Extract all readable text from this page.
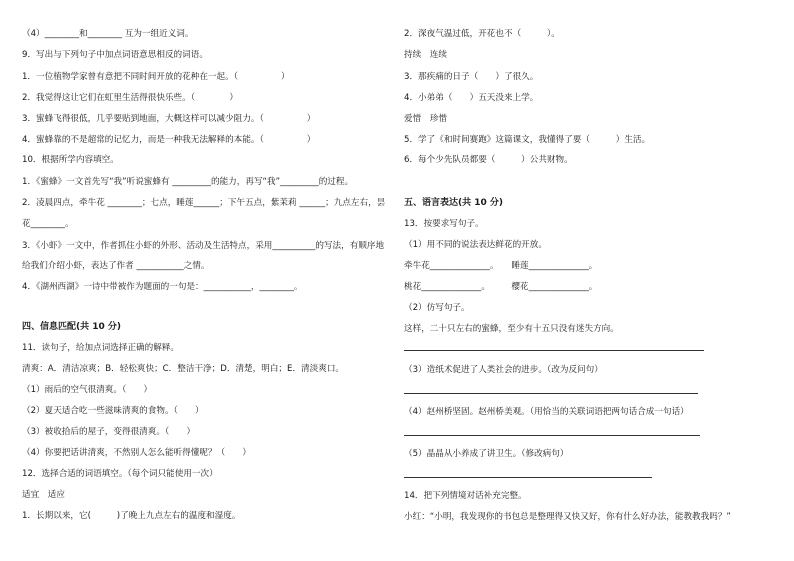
（4）________和________ 互为一组近义词。
9．写出与下列句子中加点词语意思相反的词语。
1．一位植物学家曾有意把不同时间开放的花种在一起。（　　　　　）
2．我觉得这让它们在虹里生活得很快乐些。（　　　　）
3．蜜蜂飞得很低，几乎要贴到地面，大概这样可以减少阻力。（　　　　　）
4．蜜蜂靠的不是超常的记忆力，而是一种我无法解释的本能。（　　　　　）
10．根据所学内容填空。
1．《蜜蜂》一文首先写“我”听说蜜蜂有 _________的能力，再写“我”_________的过程。
2．凌晨四点，牵牛花 ________；七点，睡莲______；下午五点，紫茉莉 ______；九点左右，昙
花________。
3．《小虾》一文中，作者抓住小虾的外形、活动及生活特点，采用__________的写法，有顺序地
给我们介绍小虾，表达了作者 ___________之情。
4．《湖州西湖》一诗中带被作为题面的一句是：___________，________。
四、信息匹配(共 10 分)
11．读句子，给加点词选择正确的解释。
清爽：A．清洁凉爽；B．轻松爽快；C．整洁干净；D．清楚，明白；E．清淡爽口。
（1）雨后的空气很清爽。（　　）
（2）夏天适合吃一些滋味清爽的食物。（　　）
（3）被收拾后的屋子，变得很清爽。（　　）
（4）你要把话讲清爽，不然别人怎么能听得懂呢？（　　）
12．选择合适的词语填空。（每个词只能使用一次）
适宜　适应
1．长期以来，它(　　　)了晚上九点左右的温度和湿度。
2．深夜气温过低，开花也不（　　　）。
持续　连续
3．那疾痛的日子（　　）了很久。
4．小弟弟（　　）五天没来上学。
爱惜　珍惜
5．学了《和时间赛跑》这篇课文，我懂得了要（　　　）生活。
6．每个少先队员都要（　　　）公共财物。
五、语言表达(共 10 分)
13．按要求写句子。
（1）用不同的说法表达鲜花的开放。
牵牛花______________。　　睡莲______________。
桃花______________。　　　樱花______________。
（2）仿写句子。
这样，二十只左右的蜜蜂，至少有十五只没有迷失方向。
（3）造纸术促进了人类社会的进步。（改为反问句）
（4）赵州桥坚固。赵州桥美观。（用恰当的关联词语把两句话合成一句话）
（5）晶晶从小养成了讲卫生。（修改病句）
14．把下列情境对话补充完整。
小红：“小明，我发现你的书包总是整理得又快又好，你有什么好办法，能教教我吗？”
